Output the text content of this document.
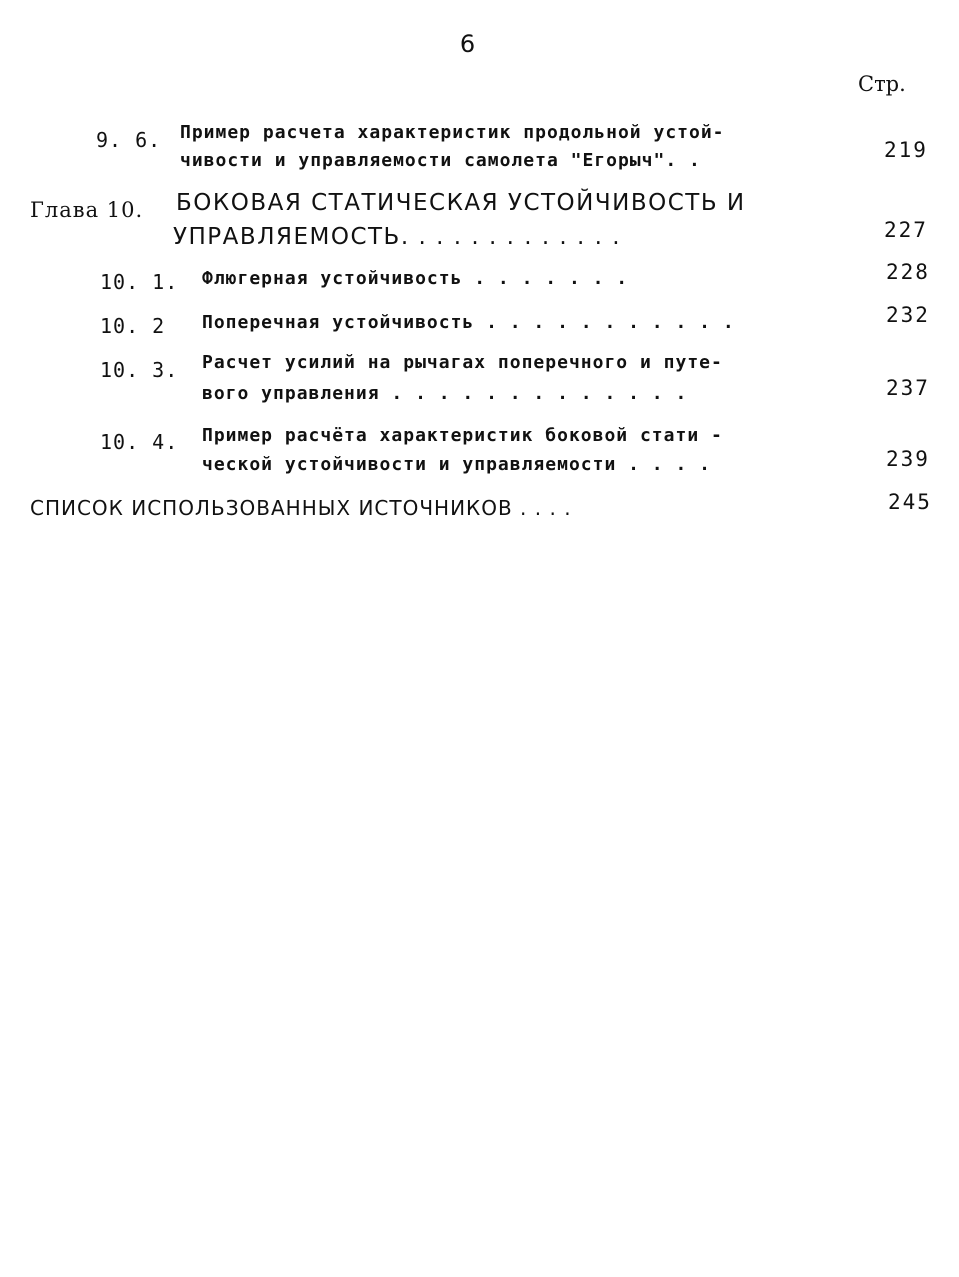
6
Стр.
9. 6. Пример расчета характеристик продольной устой-
чивости и управляемости самолета "Егорыч". .	219
Глава 10. БОКОВАЯ СТАТИЧЕСКАЯ УСТОЙЧИВОСТЬ И
УПРАВЛЯЕМОСТЬ. . . . . . . . . . . . .	227
10. 1. Флюгерная устойчивость . . . . . . .	228
10. 2 Поперечная устойчивость . . . . . . . . . . .	232
10. 3. Расчет усилий на рычагах поперечного и путе-
вого управления . . . . . . . . . . . . .	237
10. 4. Пример расчёта характеристик боковой стати -
ческой устойчивости и управляемости . . . .	239
СПИСОК ИСПОЛЬЗОВАННЫХ ИСТОЧНИКОВ . . . .	245
